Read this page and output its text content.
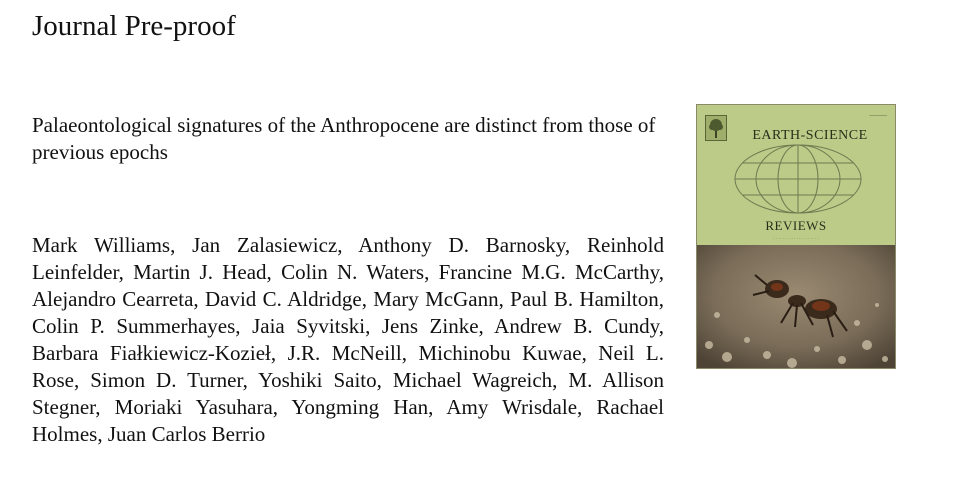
Journal Pre-proof
Palaeontological signatures of the Anthropocene are distinct from those of previous epochs
Mark Williams, Jan Zalasiewicz, Anthony D. Barnosky, Reinhold Leinfelder, Martin J. Head, Colin N. Waters, Francine M.G. McCarthy, Alejandro Cearreta, David C. Aldridge, Mary McGann, Paul B. Hamilton, Colin P. Summerhayes, Jaia Syvitski, Jens Zinke, Andrew B. Cundy, Barbara Fiałkiewicz-Kozieł, J.R. McNeill, Michinobu Kuwae, Neil L. Rose, Simon D. Turner, Yoshiki Saito, Michael Wagreich, M. Allison Stegner, Moriaki Yasuhara, Yongming Han, Amy Wrisdale, Rachael Holmes, Juan Carlos Berrio
─────
EARTH-SCIENCE
REVIEWS
· · · · · · · · · · · · · · · · · · · ·
